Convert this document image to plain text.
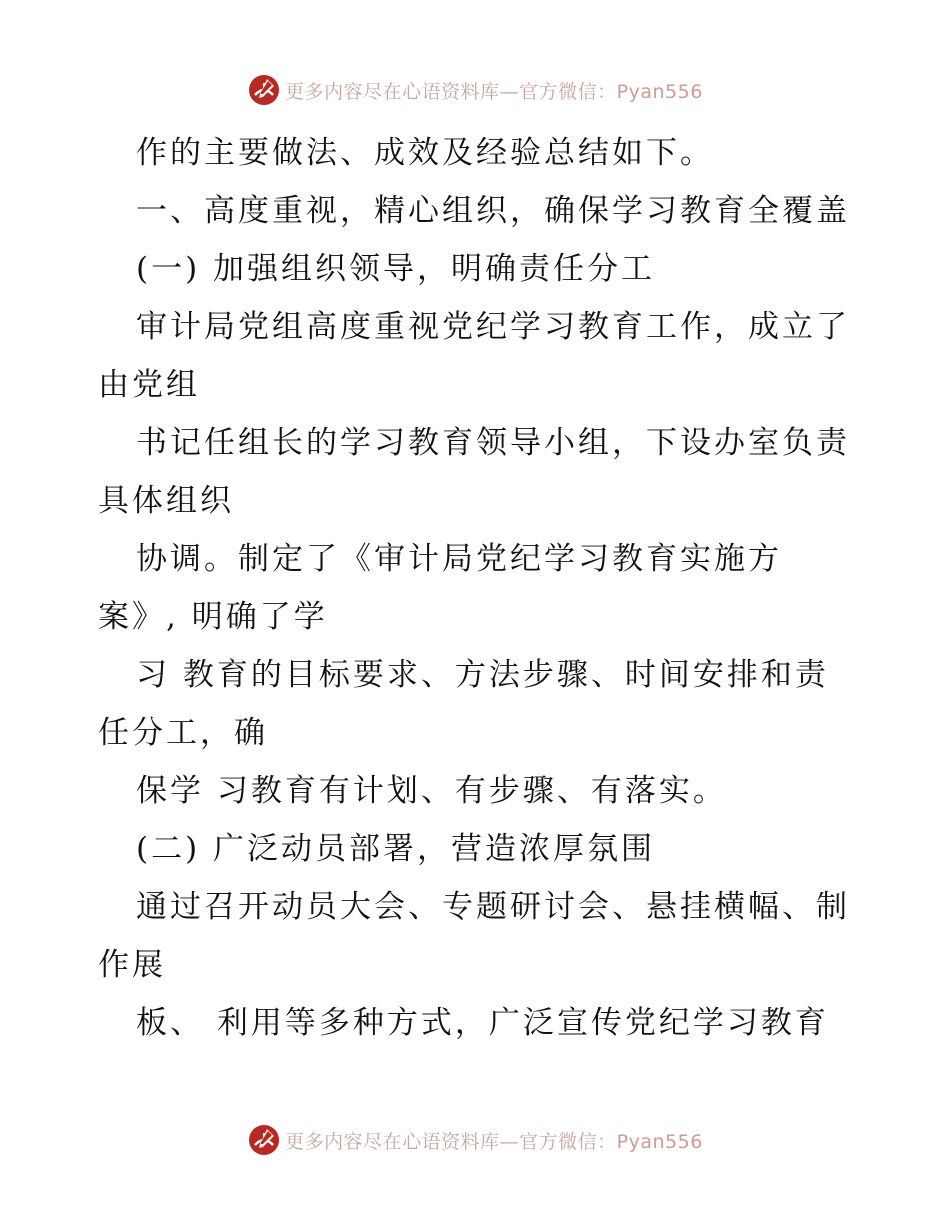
更多内容尽在心语资料库—官方微信：Pyan556
作的主要做法、成效及经验总结如下。
一、高度重视，精心组织，确保学习教育全覆盖
(一) 加强组织领导，明确责任分工
审计局党组高度重视党纪学习教育工作，成立了
由党组
书记任组长的学习教育领导小组，下设办室负责
具体组织
协调。制定了《审计局党纪学习教育实施方
案》, 明确了学
习 教育的目标要求、方法步骤、时间安排和责
任分工，确
保学 习教育有计划、有步骤、有落实。
(二) 广泛动员部署，营造浓厚氛围
通过召开动员大会、专题研讨会、悬挂横幅、制
作展
板、 利用等多种方式，广泛宣传党纪学习教育
更多内容尽在心语资料库—官方微信：Pyan556
